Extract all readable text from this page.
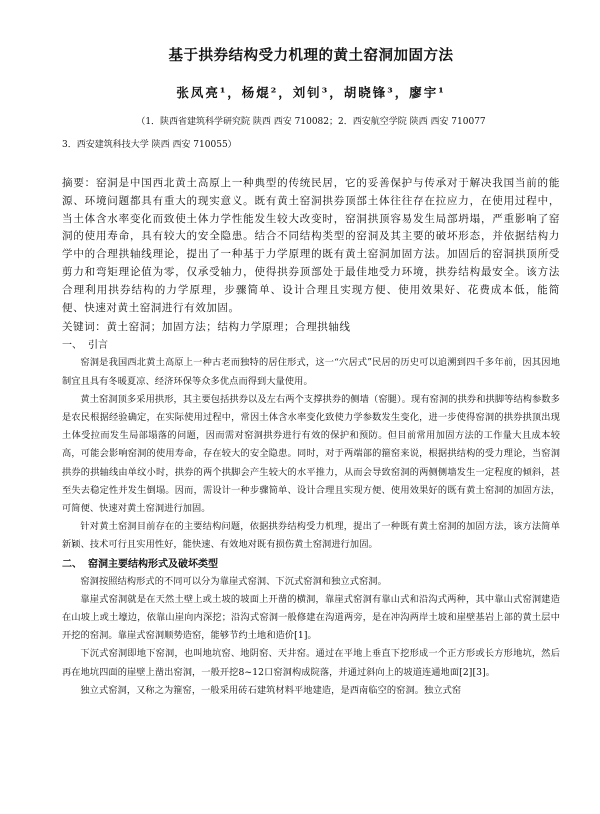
基于拱券结构受力机理的黄土窑洞加固方法
张凤亮¹，杨焜²，刘钊³，胡晓锋³，廖宇¹
（1．陕西省建筑科学研究院 陕西 西安 710082；2．西安航空学院 陕西 西安 710077
3．西安建筑科技大学 陕西 西安 710055）

摘要：窑洞是中国西北黄土高原上一种典型的传统民居，它的妥善保护与传承对于解决我国当前的能源、环境问题都具有重大的现实意义。既有黄土窑洞拱券顶部土体往往存在拉应力，在使用过程中，当土体含水率变化而致使土体力学性能发生较大改变时，窑洞拱顶容易发生局部坍塌，严重影响了窑洞的使用寿命，具有较大的安全隐患。结合不同结构类型的窑洞及其主要的破坏形态，并依据结构力学中的合理拱轴线理论，提出了一种基于力学原理的既有黄土窑洞加固方法。加固后的窑洞拱顶所受剪力和弯矩理论值为零，仅承受轴力，使得拱券顶部处于最佳地受力环境，拱券结构最安全。该方法合理利用拱券结构的力学原理，步骤简单、设计合理且实现方便、使用效果好、花费成本低，能简便、快速对黄土窑洞进行有效加固。

关键词：黄土窑洞；加固方法；结构力学原理；合理拱轴线

一、 引言

窑洞是我国西北黄土高原上一种古老而独特的居住形式，这一“穴居式”民居的历史可以追溯到四千多年前，因其因地制宜且具有冬暖夏凉、经济环保等众多优点而得到大量使用。

黄土窑洞顶多采用拱形，其主要包括拱券以及左右两个支撑拱券的侧墙（窑腿）。现有窑洞的拱券和拱脚等结构参数多是农民根据经验确定，在实际使用过程中，常因土体含水率变化致使力学参数发生变化，进一步使得窑洞的拱券拱顶出现土体受拉而发生局部塌落的问题，因而需对窑洞拱券进行有效的保护和预防。但目前常用加固方法的工作量大且成本较高，可能会影响窑洞的使用寿命，存在较大的安全隐患。同时，对于两端部的箍窑来说，根据拱结构的受力理论，当窑洞拱券的拱轴线由单纹小时，拱券的两个拱脚会产生较大的水平推力，从而会导致窑洞的两侧侧墙发生一定程度的倾斜，甚至失去稳定性并发生倒塌。因而，需设计一种步骤简单、设计合理且实现方便、使用效果好的既有黄土窑洞的加固方法，可简便、快速对黄土窑洞进行加固。

针对黄土窑洞目前存在的主要结构问题，依据拱券结构受力机理，提出了一种既有黄土窑洞的加固方法，该方法简单新颖、技术可行且实用性好，能快速、有效地对既有损伤黄土窑洞进行加固。

二、 窑洞主要结构形式及破坏类型

窑洞按照结构形式的不同可以分为靠崖式窑洞、下沉式窑洞和独立式窑洞。

靠崖式窑洞就是在天然土壁上或土坡的坡面上开凿的横洞，靠崖式窑洞有靠山式和沿沟式两种，其中靠山式窑洞建造在山坡上或土壕边，依靠山崖向内深挖；沿沟式窑洞一般修建在沟道两旁，是在冲沟两岸土坡和崖壁基岩上部的黄土层中开挖的窑洞。靠崖式窑洞顺势造窑，能够节约土地和造价[1]。

下沉式窑洞即地下窑洞，也叫地坑窑、地阴窑、天井窑。通过在平地上垂直下挖形成一个正方形或长方形地坑，然后再在地坑四面的崖壁上凿出窑洞，一般开挖8~12口窑洞构成院落，并通过斜向上的坡道连通地面[2][3]。

独立式窑洞，又称之为箍窑，一般采用砖石建筑材料平地建造，是西南临空的窑洞。独立式窑
